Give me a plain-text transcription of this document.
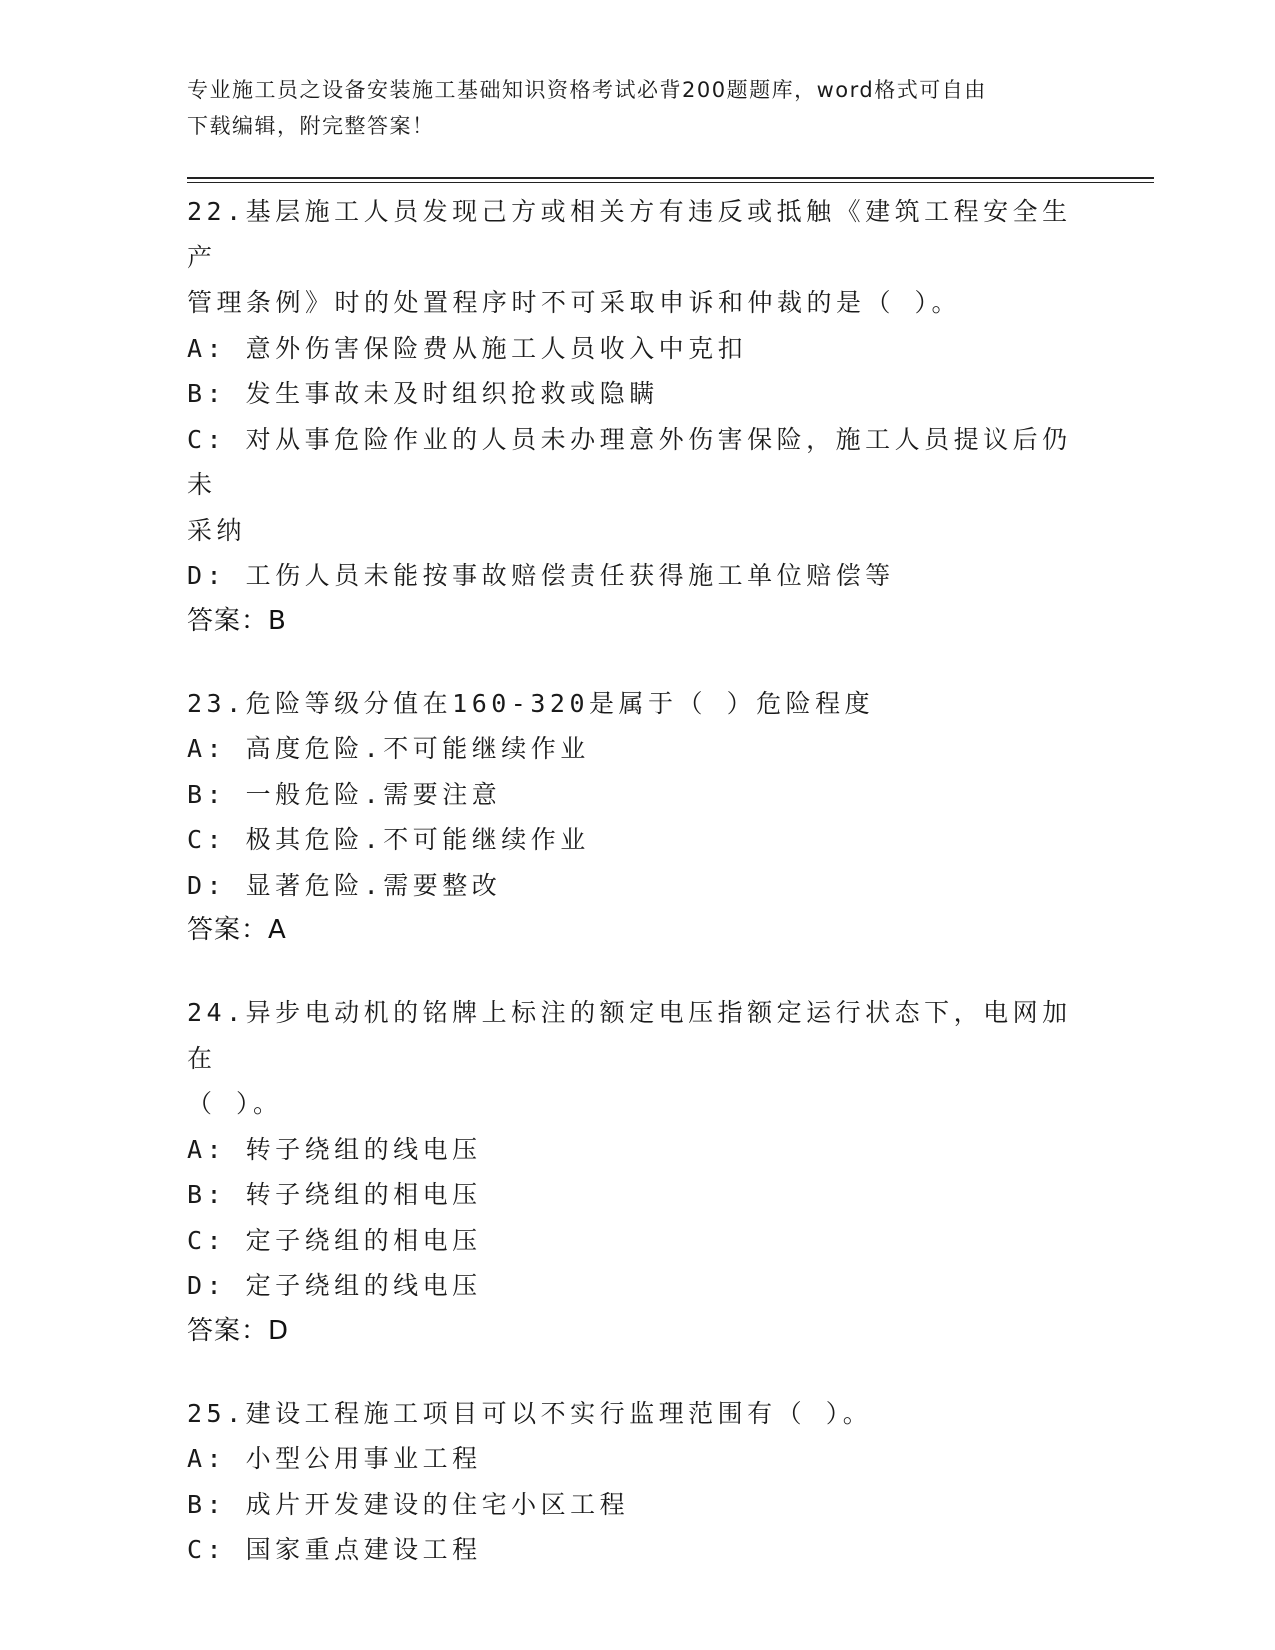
专业施工员之设备安装施工基础知识资格考试必背200题题库，word格式可自由
下载编辑，附完整答案！
22.基层施工人员发现己方或相关方有违反或抵触《建筑工程安全生产
管理条例》时的处置程序时不可采取申诉和仲裁的是（ ）。
A: 意外伤害保险费从施工人员收入中克扣
B: 发生事故未及时组织抢救或隐瞒
C: 对从事危险作业的人员未办理意外伤害保险，施工人员提议后仍未
采纳
D: 工伤人员未能按事故赔偿责任获得施工单位赔偿等
答案：B
23.危险等级分值在160-320是属于（ ）危险程度
A: 高度危险.不可能继续作业
B: 一般危险.需要注意
C: 极其危险.不可能继续作业
D: 显著危险.需要整改
答案：A
24.异步电动机的铭牌上标注的额定电压指额定运行状态下，电网加在
（ ）。
A: 转子绕组的线电压
B: 转子绕组的相电压
C: 定子绕组的相电压
D: 定子绕组的线电压
答案：D
25.建设工程施工项目可以不实行监理范围有（ ）。
A: 小型公用事业工程
B: 成片开发建设的住宅小区工程
C: 国家重点建设工程
